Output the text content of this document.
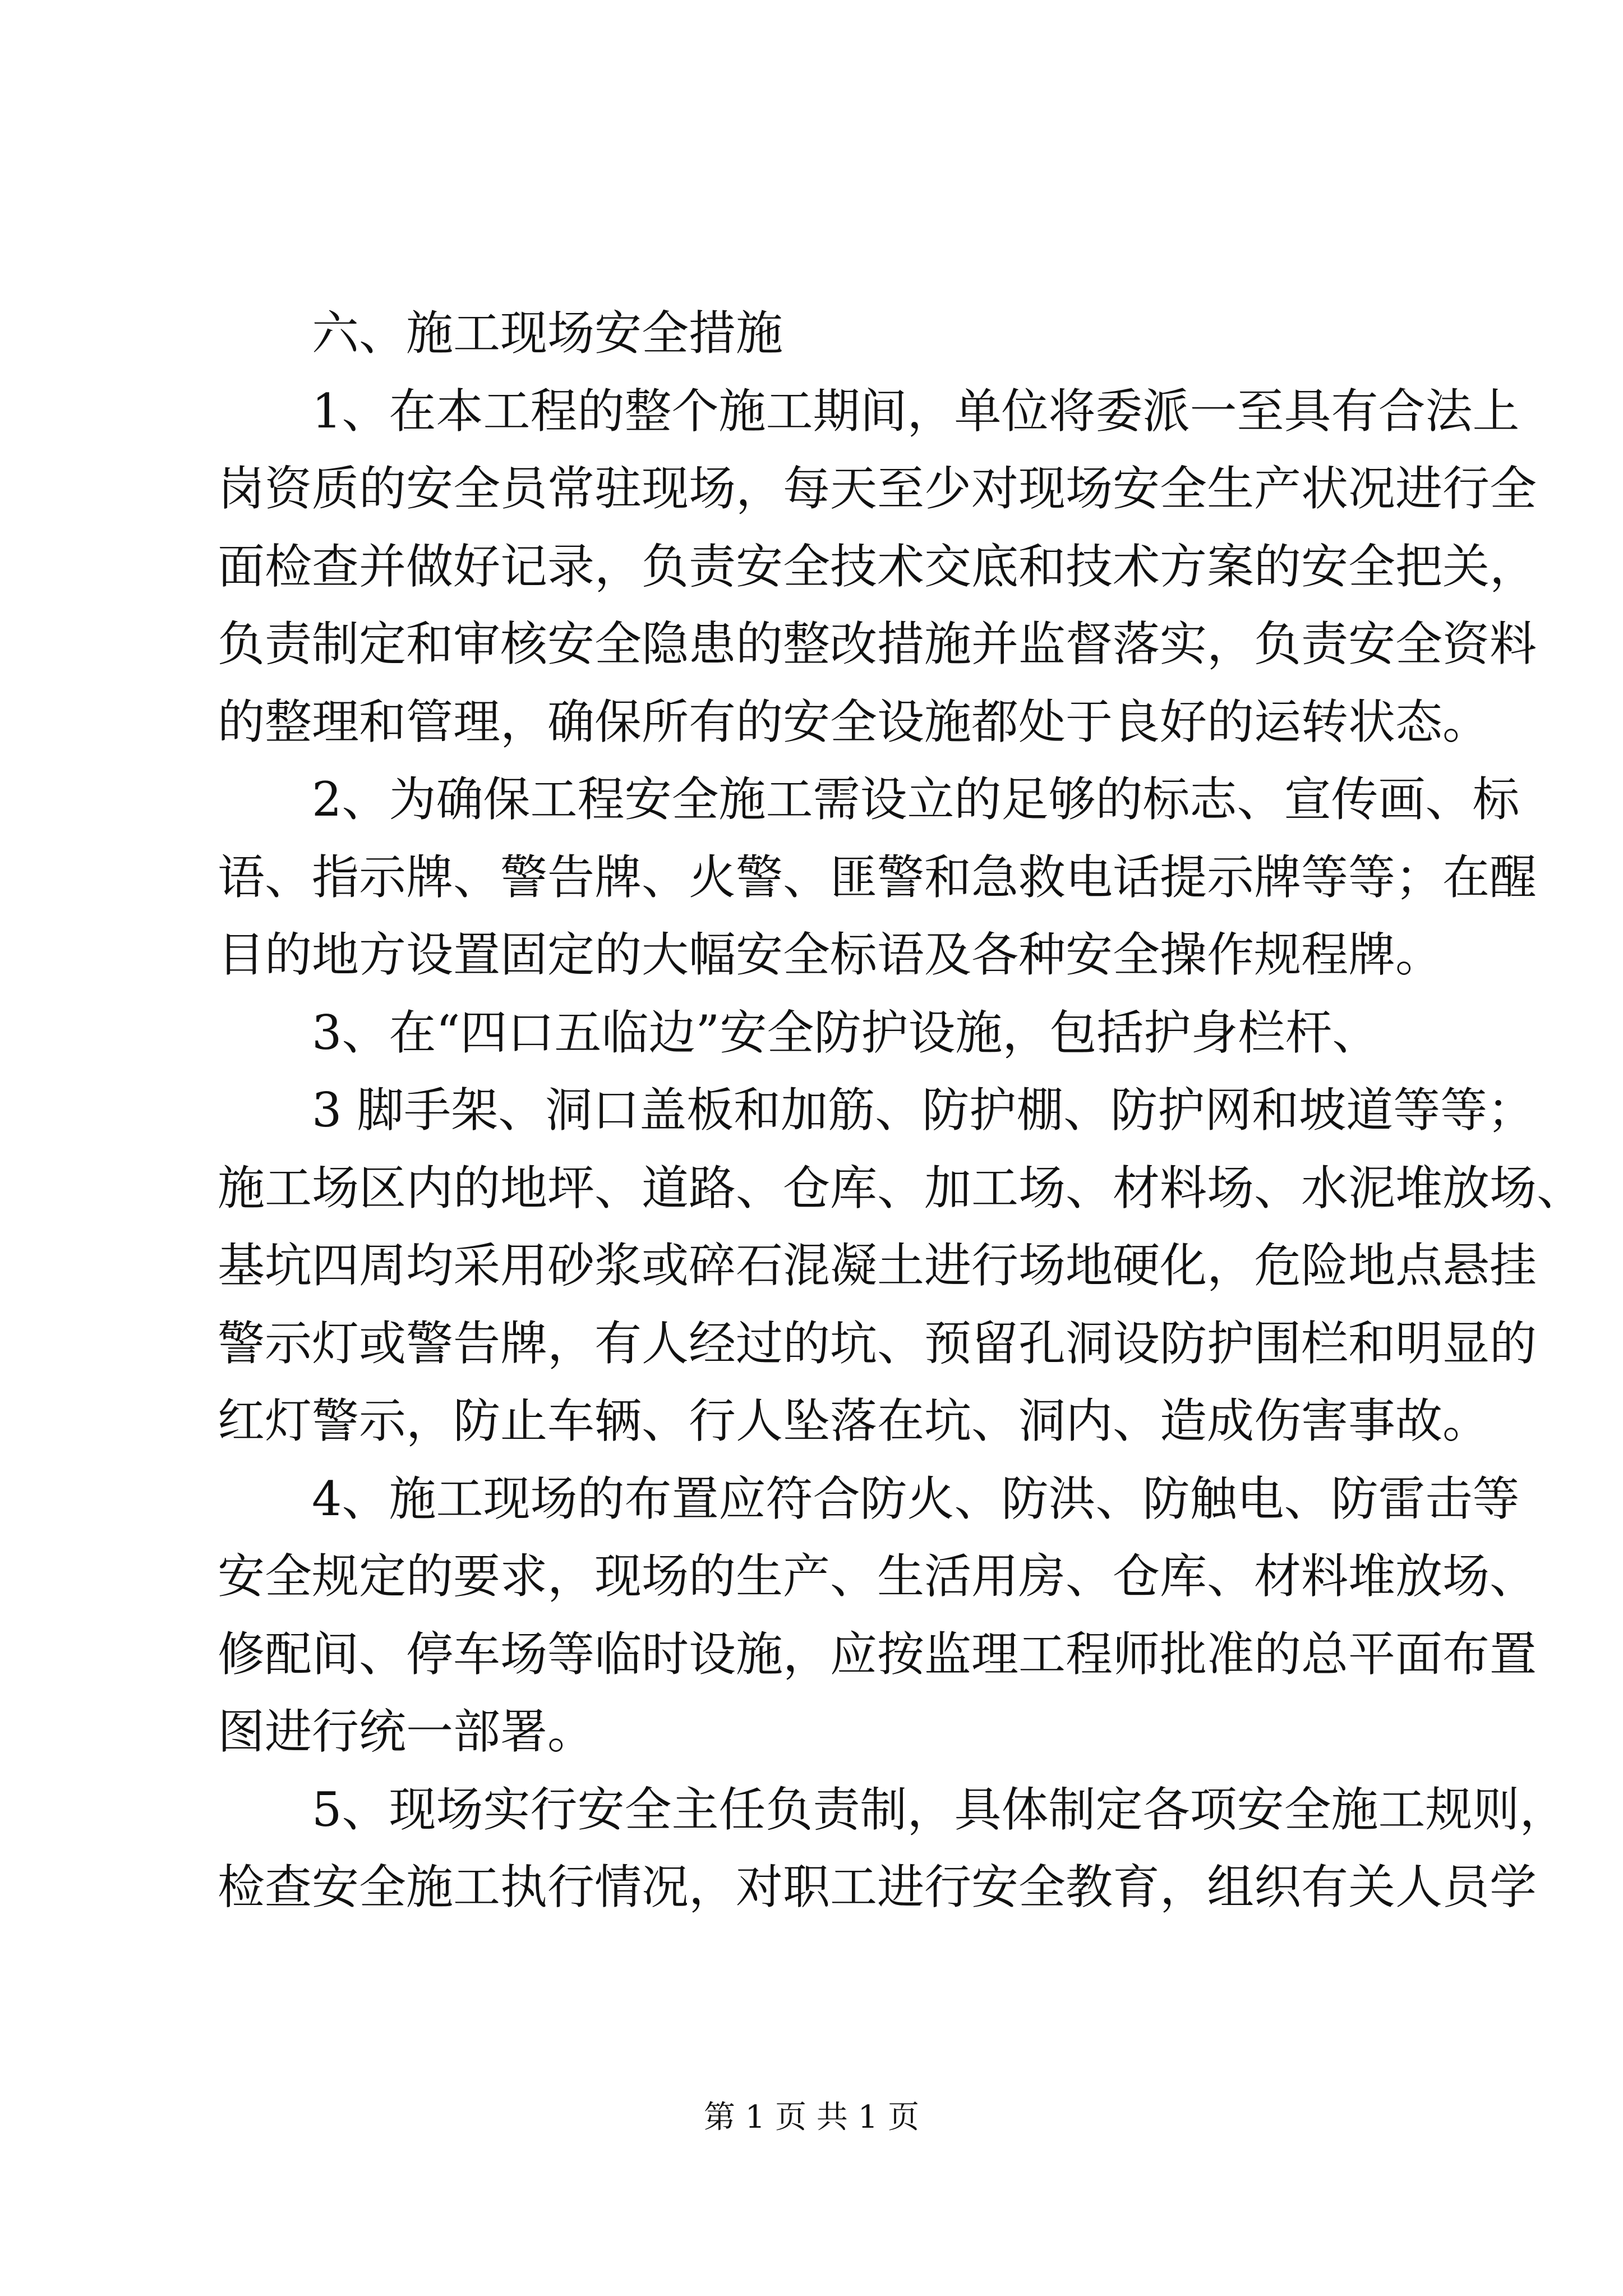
六、施工现场安全措施
1、在本工程的整个施工期间，单位将委派一至具有合法上
岗资质的安全员常驻现场，每天至少对现场安全生产状况进行全
面检查并做好记录，负责安全技术交底和技术方案的安全把关，
负责制定和审核安全隐患的整改措施并监督落实，负责安全资料
的整理和管理，确保所有的安全设施都处于良好的运转状态。
2、为确保工程安全施工需设立的足够的标志、宣传画、标
语、指示牌、警告牌、火警、匪警和急救电话提示牌等等；在醒
目的地方设置固定的大幅安全标语及各种安全操作规程牌。
3、在“四口五临边”安全防护设施，包括护身栏杆、
3 脚手架、洞口盖板和加筋、防护棚、防护网和坡道等等；
施工场区内的地坪、道路、仓库、加工场、材料场、水泥堆放场、
基坑四周均采用砂浆或碎石混凝土进行场地硬化，危险地点悬挂
警示灯或警告牌，有人经过的坑、预留孔洞设防护围栏和明显的
红灯警示，防止车辆、行人坠落在坑、洞内、造成伤害事故。
4、施工现场的布置应符合防火、防洪、防触电、防雷击等
安全规定的要求，现场的生产、生活用房、仓库、材料堆放场、
修配间、停车场等临时设施，应按监理工程师批准的总平面布置
图进行统一部署。
5、现场实行安全主任负责制，具体制定各项安全施工规则，
检查安全施工执行情况，对职工进行安全教育，组织有关人员学
第 1 页 共 1 页
